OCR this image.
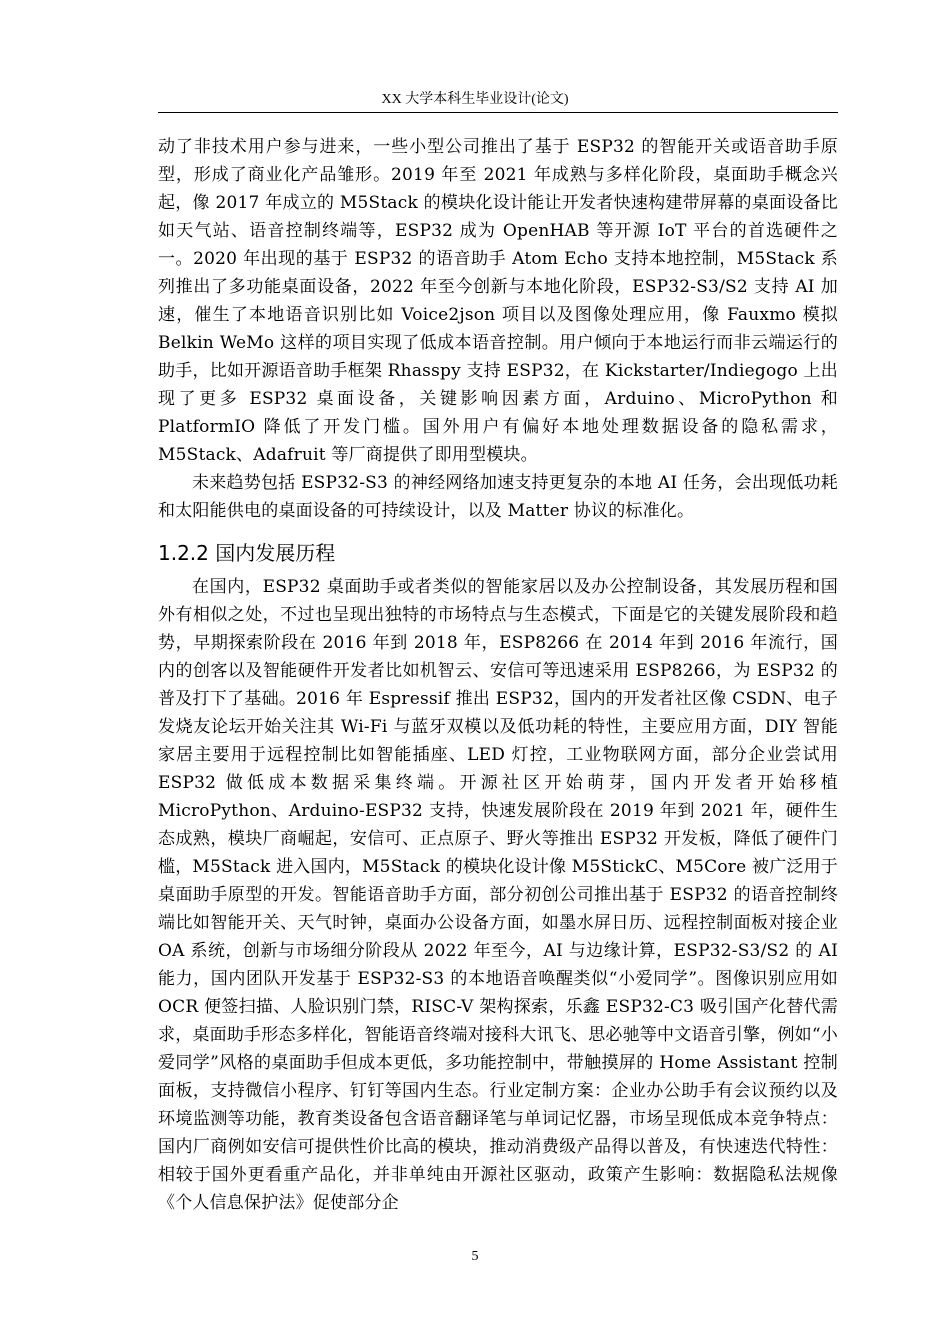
XX 大学本科生毕业设计(论文)

动了非技术用户参与进来，一些小型公司推出了基于 ESP32 的智能开关或语音助手原型，形成了商业化产品雏形。2019 年至 2021 年成熟与多样化阶段，桌面助手概念兴起，像 2017 年成立的 M5Stack 的模块化设计能让开发者快速构建带屏幕的桌面设备比如天气站、语音控制终端等，ESP32 成为 OpenHAB 等开源 IoT 平台的首选硬件之一。2020 年出现的基于 ESP32 的语音助手 Atom Echo 支持本地控制，M5Stack 系列推出了多功能桌面设备，2022 年至今创新与本地化阶段，ESP32-S3/S2 支持 AI 加速，催生了本地语音识别比如 Voice2json 项目以及图像处理应用，像 Fauxmo 模拟 Belkin WeMo 这样的项目实现了低成本语音控制。用户倾向于本地运行而非云端运行的助手，比如开源语音助手框架 Rhasspy 支持 ESP32，在 Kickstarter/Indiegogo 上出现了更多 ESP32 桌面设备，关键影响因素方面，Arduino、MicroPython 和 PlatformIO 降低了开发门槛。国外用户有偏好本地处理数据设备的隐私需求，M5Stack、Adafruit 等厂商提供了即用型模块。

未来趋势包括 ESP32-S3 的神经网络加速支持更复杂的本地 AI 任务，会出现低功耗和太阳能供电的桌面设备的可持续设计，以及 Matter 协议的标准化。

1.2.2 国内发展历程

在国内，ESP32 桌面助手或者类似的智能家居以及办公控制设备，其发展历程和国外有相似之处，不过也呈现出独特的市场特点与生态模式，下面是它的关键发展阶段和趋势，早期探索阶段在 2016 年到 2018 年，ESP8266 在 2014 年到 2016 年流行，国内的创客以及智能硬件开发者比如机智云、安信可等迅速采用 ESP8266，为 ESP32 的普及打下了基础。2016 年 Espressif 推出 ESP32，国内的开发者社区像 CSDN、电子发烧友论坛开始关注其 Wi-Fi 与蓝牙双模以及低功耗的特性，主要应用方面，DIY 智能家居主要用于远程控制比如智能插座、LED 灯控，工业物联网方面，部分企业尝试用 ESP32 做低成本数据采集终端。开源社区开始萌芽，国内开发者开始移植 MicroPython、Arduino-ESP32 支持，快速发展阶段在 2019 年到 2021 年，硬件生态成熟，模块厂商崛起，安信可、正点原子、野火等推出 ESP32 开发板，降低了硬件门槛，M5Stack 进入国内，M5Stack 的模块化设计像 M5StickC、M5Core 被广泛用于桌面助手原型的开发。智能语音助手方面，部分初创公司推出基于 ESP32 的语音控制终端比如智能开关、天气时钟，桌面办公设备方面，如墨水屏日历、远程控制面板对接企业 OA 系统，创新与市场细分阶段从 2022 年至今，AI 与边缘计算，ESP32-S3/S2 的 AI 能力，国内团队开发基于 ESP32-S3 的本地语音唤醒类似“小爱同学”。图像识别应用如 OCR 便签扫描、人脸识别门禁，RISC-V 架构探索，乐鑫 ESP32-C3 吸引国产化替代需求，桌面助手形态多样化，智能语音终端对接科大讯飞、思必驰等中文语音引擎，例如“小爱同学”风格的桌面助手但成本更低，多功能控制中，带触摸屏的 Home Assistant 控制面板，支持微信小程序、钉钉等国内生态。行业定制方案：企业办公助手有会议预约以及环境监测等功能，教育类设备包含语音翻译笔与单词记忆器，市场呈现低成本竞争特点：国内厂商例如安信可提供性价比高的模块，推动消费级产品得以普及，有快速迭代特性：相较于国外更看重产品化，并非单纯由开源社区驱动，政策产生影响：数据隐私法规像《个人信息保护法》促使部分企

5
